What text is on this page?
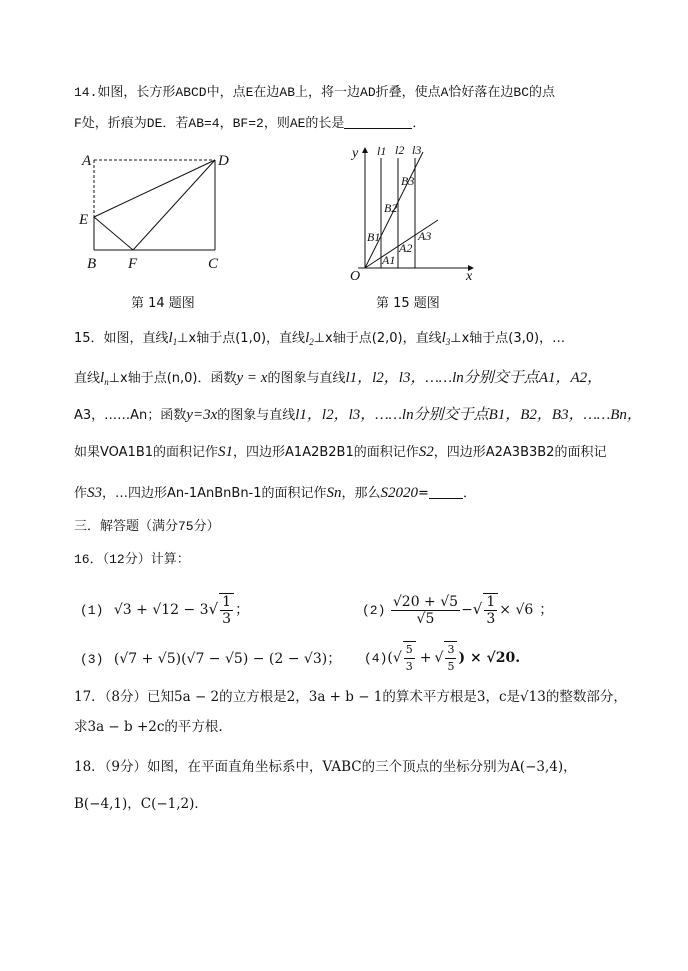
14.如图，长方形ABCD中，点E在边AB上，将一边AD折叠，使点A恰好落在边BC的点
F处，折痕为DE．若AB=4，BF=2，则AE的长是	．
A	D
E
B F	C
第 14 题图
y
x
O
l1 l2 l3
B1
B2
B3
A1
A2
A3
第 15 题图
15．如图，直线$l_1\perp x$轴于点(1,0)，直线$l_2\perp x$轴于点(2,0)，直线$l_3\perp x$轴于点(3,0)，…
直线$l_n\perp x$轴于点(n,0)．函数y = x的图象与直线l1，l2，l3，……ln分别交于点A1，A2，
A3，……An；函数y=3x的图象与直线l1，l2，l3，……ln分别交于点B1，B2，B3，……Bn，
如果VOA1B1的面积记作S1，四边形A1A2B2B1的面积记作S2，四边形A2A3B3B2的面积记
作S3，…四边形An-1AnBnBn-1的面积记作Sn，那么S2020=	．
三．解答题（满分75分）
16．（12分）计算：
(1) $√3 + √12 - 3√ \frac{1}{3}$ ；	$(2) \frac{√20 + √5}{√5}$ −√ $\frac{1}{3} \times √6$ ；
(3) (√7 + √5)(√7 − √5) − (2 − √3)； $(4)(√ \frac{5}{3}$ + √ $\frac{3}{5}$ ) × √20.
17．（8分）已知5a − 2的立方根是2，3a + b − 1的算术平方根是3，c是√13的整数部分，
求3a − b +2c的平方根.
18．（9分）如图，在平面直角坐标系中，VABC的三个顶点的坐标分别为A(−3,4)，
B(−4,1)，C(−1,2)．
